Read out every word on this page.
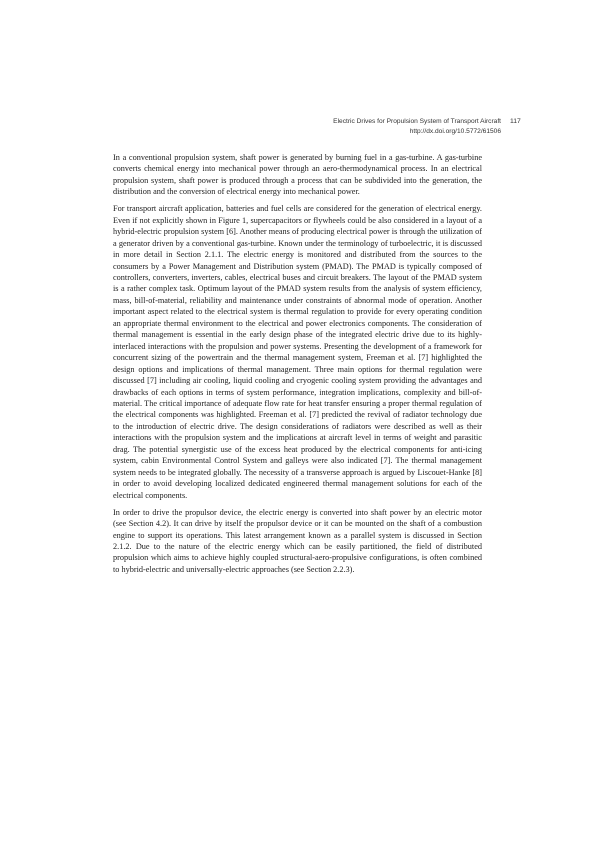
ech
Electric Drives for Propulsion System of Transport Aircraft
http://dx.doi.org/10.5772/61506
117

In a conventional propulsion system, shaft power is generated by burning fuel in a gas-turbine. A gas-turbine converts chemical energy into mechanical power through an aero-thermodynamical process. In an electrical propulsion system, shaft power is produced through a process that can be subdivided into the generation, the distribution and the conversion of electrical energy into mechanical power.

For transport aircraft application, batteries and fuel cells are considered for the generation of electrical energy. Even if not explicitly shown in Figure 1, supercapacitors or flywheels could be also considered in a layout of a hybrid-electric propulsion system [6]. Another means of producing electrical power is through the utilization of a generator driven by a conventional gas-turbine. Known under the terminology of turboelectric, it is discussed in more detail in Section 2.1.1. The electric energy is monitored and distributed from the sources to the consumers by a Power Management and Distribution system (PMAD). The PMAD is typically composed of controllers, converters, inverters, cables, electrical buses and circuit breakers. The layout of the PMAD system is a rather complex task. Optimum layout of the PMAD system results from the analysis of system efficiency, mass, bill-of-material, reliability and maintenance under constraints of abnormal mode of operation. Another important aspect related to the electrical system is thermal regulation to provide for every operating condition an appropriate thermal environment to the electrical and power electronics components. The consideration of thermal management is essential in the early design phase of the integrated electric drive due to its highly-interlaced interactions with the propulsion and power systems. Presenting the development of a framework for concurrent sizing of the powertrain and the thermal management system, Freeman et al. [7] highlighted the design options and implications of thermal management. Three main options for thermal regulation were discussed [7] including air cooling, liquid cooling and cryogenic cooling system providing the advantages and drawbacks of each options in terms of system performance, integration implications, complexity and bill-of-material. The critical importance of adequate flow rate for heat transfer ensuring a proper thermal regulation of the electrical components was highlighted. Freeman et al. [7] predicted the revival of radiator technology due to the introduction of electric drive. The design considerations of radiators were described as well as their interactions with the propulsion system and the implications at aircraft level in terms of weight and parasitic drag. The potential synergistic use of the excess heat produced by the electrical components for anti-icing system, cabin Environmental Control System and galleys were also indicated [7]. The thermal management system needs to be integrated globally. The necessity of a transverse approach is argued by Liscouet-Hanke [8] in order to avoid developing localized dedicated engineered thermal management solutions for each of the electrical components.

In order to drive the propulsor device, the electric energy is converted into shaft power by an electric motor (see Section 4.2). It can drive by itself the propulsor device or it can be mounted on the shaft of a combustion engine to support its operations. This latest arrangement known as a parallel system is discussed in Section 2.1.2. Due to the nature of the electric energy which can be easily partitioned, the field of distributed propulsion which aims to achieve highly coupled structural-aero-propulsive configurations, is often combined to hybrid-electric and universally-electric approaches (see Section 2.2.3).
